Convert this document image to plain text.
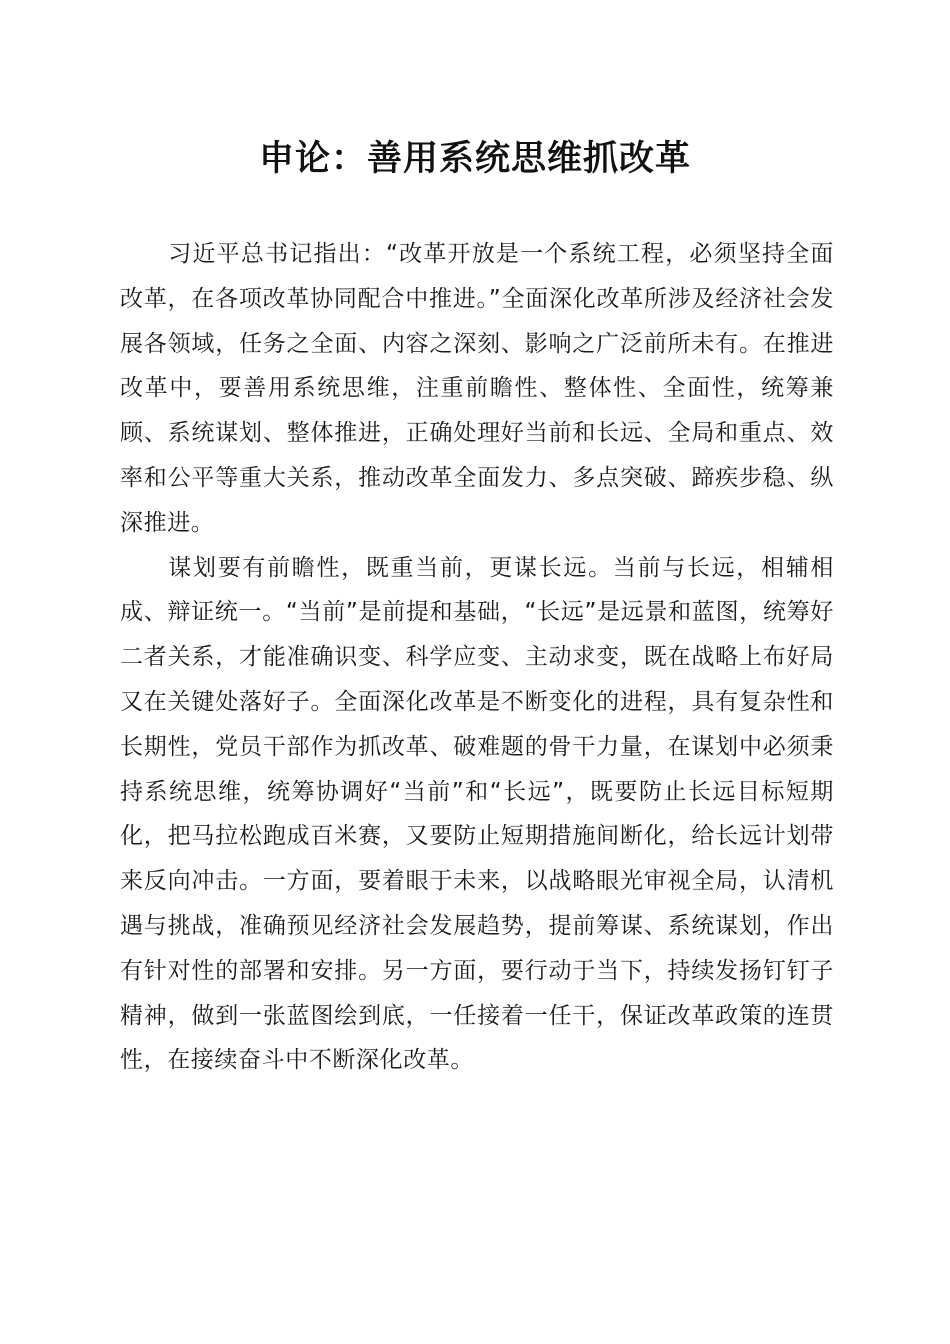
申论：善用系统思维抓改革

习近平总书记指出：“改革开放是一个系统工程，必须坚持全面改革，在各项改革协同配合中推进。”全面深化改革所涉及经济社会发展各领域，任务之全面、内容之深刻、影响之广泛前所未有。在推进改革中，要善用系统思维，注重前瞻性、整体性、全面性，统筹兼顾、系统谋划、整体推进，正确处理好当前和长远、全局和重点、效率和公平等重大关系，推动改革全面发力、多点突破、蹄疾步稳、纵深推进。

谋划要有前瞻性，既重当前，更谋长远。当前与长远，相辅相成、辩证统一。“当前”是前提和基础，“长远”是远景和蓝图，统筹好二者关系，才能准确识变、科学应变、主动求变，既在战略上布好局又在关键处落好子。全面深化改革是不断变化的进程，具有复杂性和长期性，党员干部作为抓改革、破难题的骨干力量，在谋划中必须秉持系统思维，统筹协调好“当前”和“长远”，既要防止长远目标短期化，把马拉松跑成百米赛，又要防止短期措施间断化，给长远计划带来反向冲击。一方面，要着眼于未来，以战略眼光审视全局，认清机遇与挑战，准确预见经济社会发展趋势，提前筹谋、系统谋划，作出有针对性的部署和安排。另一方面，要行动于当下，持续发扬钉钉子精神，做到一张蓝图绘到底，一任接着一任干，保证改革政策的连贯性，在接续奋斗中不断深化改革。
